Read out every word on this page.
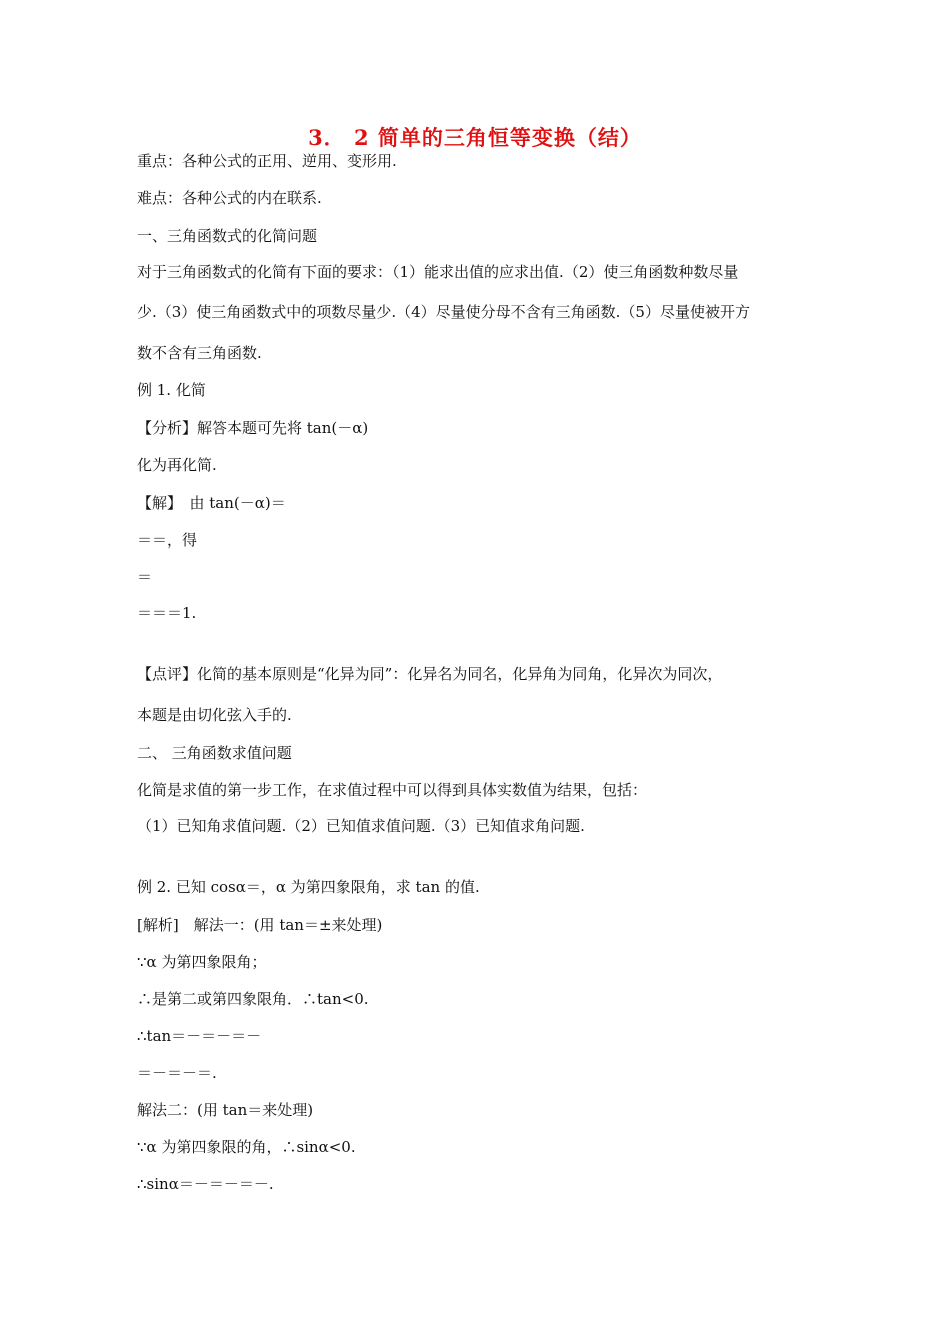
3． 2 简单的三角恒等变换（结）
重点：各种公式的正用、逆用、变形用.
难点：各种公式的内在联系.
一、三角函数式的化简问题
对于三角函数式的化简有下面的要求：（1）能求出值的应求出值.（2）使三角函数种数尽量
少.（3）使三角函数式中的项数尽量少.（4）尽量使分母不含有三角函数.（5）尽量使被开方
数不含有三角函数.
例 1. 化简
【分析】解答本题可先将 tan(－α)
化为再化简.
【解】　由 tan(－α)＝
＝＝，得
＝
＝＝＝1.
【点评】化简的基本原则是“化异为同”：化异名为同名，化异角为同角，化异次为同次，
本题是由切化弦入手的.
二、 三角函数求值问题
化简是求值的第一步工作，在求值过程中可以得到具体实数值为结果，包括：
（1）已知角求值问题.（2）已知值求值问题.（3）已知值求角问题.
例 2. 已知 cosα＝，α 为第四象限角，求 tan 的值.
[解析]　解法一：(用 tan＝±来处理)
∵α 为第四象限角；
∴是第二或第四象限角．∴tan<0.
∴tan＝－＝－＝－
＝－＝－＝.
解法二：(用 tan＝来处理)
∵α 为第四象限的角，∴sinα<0.
∴sinα＝－＝－＝－.
